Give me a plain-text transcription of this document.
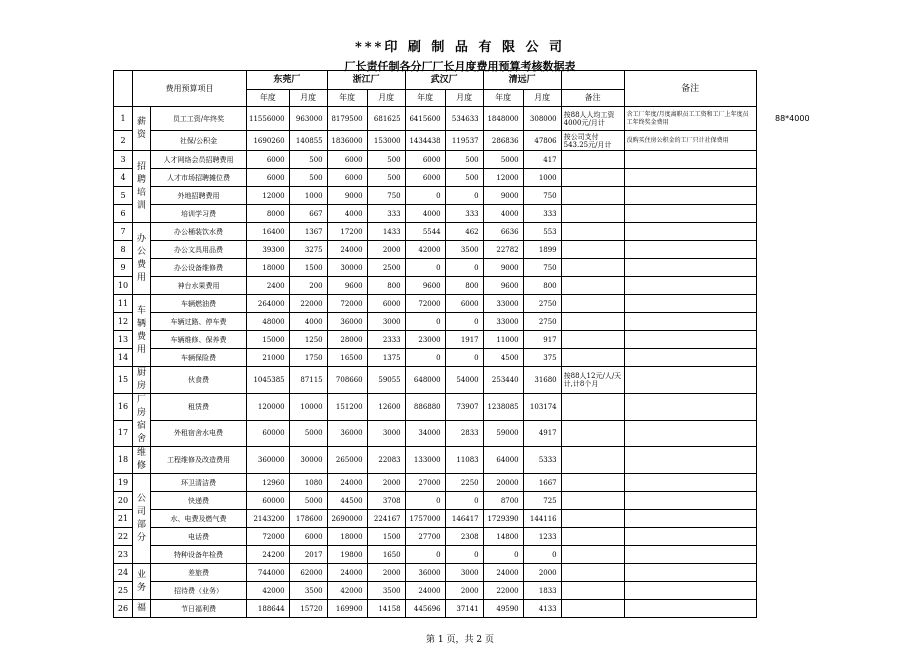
***印 刷 制 品 有 限 公 司
厂长责任制各分厂厂长月度费用预算考核数据表
	费用预算项目		东莞厂		浙江厂		武汉厂		清远厂			备注
			年度	月度	年度	月度	年度	月度	年度	月度	备注	
1	薪资	员工工资/年终奖	11556000	963000	8179500	681625	6415600	534633	1848000	308000	按88人人均工资4000元/月计	含工厂年度/月度离职员工工资和工厂上年度员工年终奖金费用
2		社保/公积金	1690260	140855	1836000	153000	1434438	119537	286836	47806	按公司支付543.25元/月计	没购买住房公积金的工厂只计社保费用
3	招聘培训	人才网络会员招聘费用	6000	500	6000	500	6000	500	5000	417		
4		人才市场招聘摊位费	6000	500	6000	500	6000	500	12000	1000		
5		外地招聘费用	12000	1000	9000	750	0	0	9000	750		
6		培训学习费	8000	667	4000	333	4000	333	4000	333		
7	办公费用	办公桶装饮水费	16400	1367	17200	1433	5544	462	6636	553		
8		办公文具用品费	39300	3275	24000	2000	42000	3500	22782	1899		
9		办公设备维修费	18000	1500	30000	2500	0	0	9000	750		
10		神台水果费用	2400	200	9600	800	9600	800	9600	800		
11	车辆费用	车辆燃油费	264000	22000	72000	6000	72000	6000	33000	2750		
12		车辆过路、停车费	48000	4000	36000	3000	0	0	33000	2750		
13		车辆维修、保养费	15000	1250	28000	2333	23000	1917	11000	917		
14		车辆保险费	21000	1750	16500	1375	0	0	4500	375		
15	厨房	伙食费	1045385	87115	708660	59055	648000	54000	253440	31680	按88人12元/人/天计,计8个月	
16	厂房宿舍	租赁费	120000	10000	151200	12600	886880	73907	1238085	103174		
17		外租宿舍水电费	60000	5000	36000	3000	34000	2833	59000	4917		
18	维修	工程维修及改造费用	360000	30000	265000	22083	133000	11083	64000	5333		
19	公司部分	环卫清洁费	12960	1080	24000	2000	27000	2250	20000	1667		
20		快递费	60000	5000	44500	3708	0	0	8700	725		
21		水、电费及燃气费	2143200	178600	2690000	224167	1757000	146417	1729390	144116		
22		电话费	72000	6000	18000	1500	27700	2308	14800	1233		
23		特种设备年检费	24200	2017	19800	1650	0	0	0	0		
24	业务	差旅费	744000	62000	24000	2000	36000	3000	24000	2000		
25		招待费（业务）	42000	3500	42000	3500	24000	2000	22000	1833		
26	福	节日福利费	188644	15720	169900	14158	445696	37141	49590	4133		
88*4000
第 1 页，共 2 页
